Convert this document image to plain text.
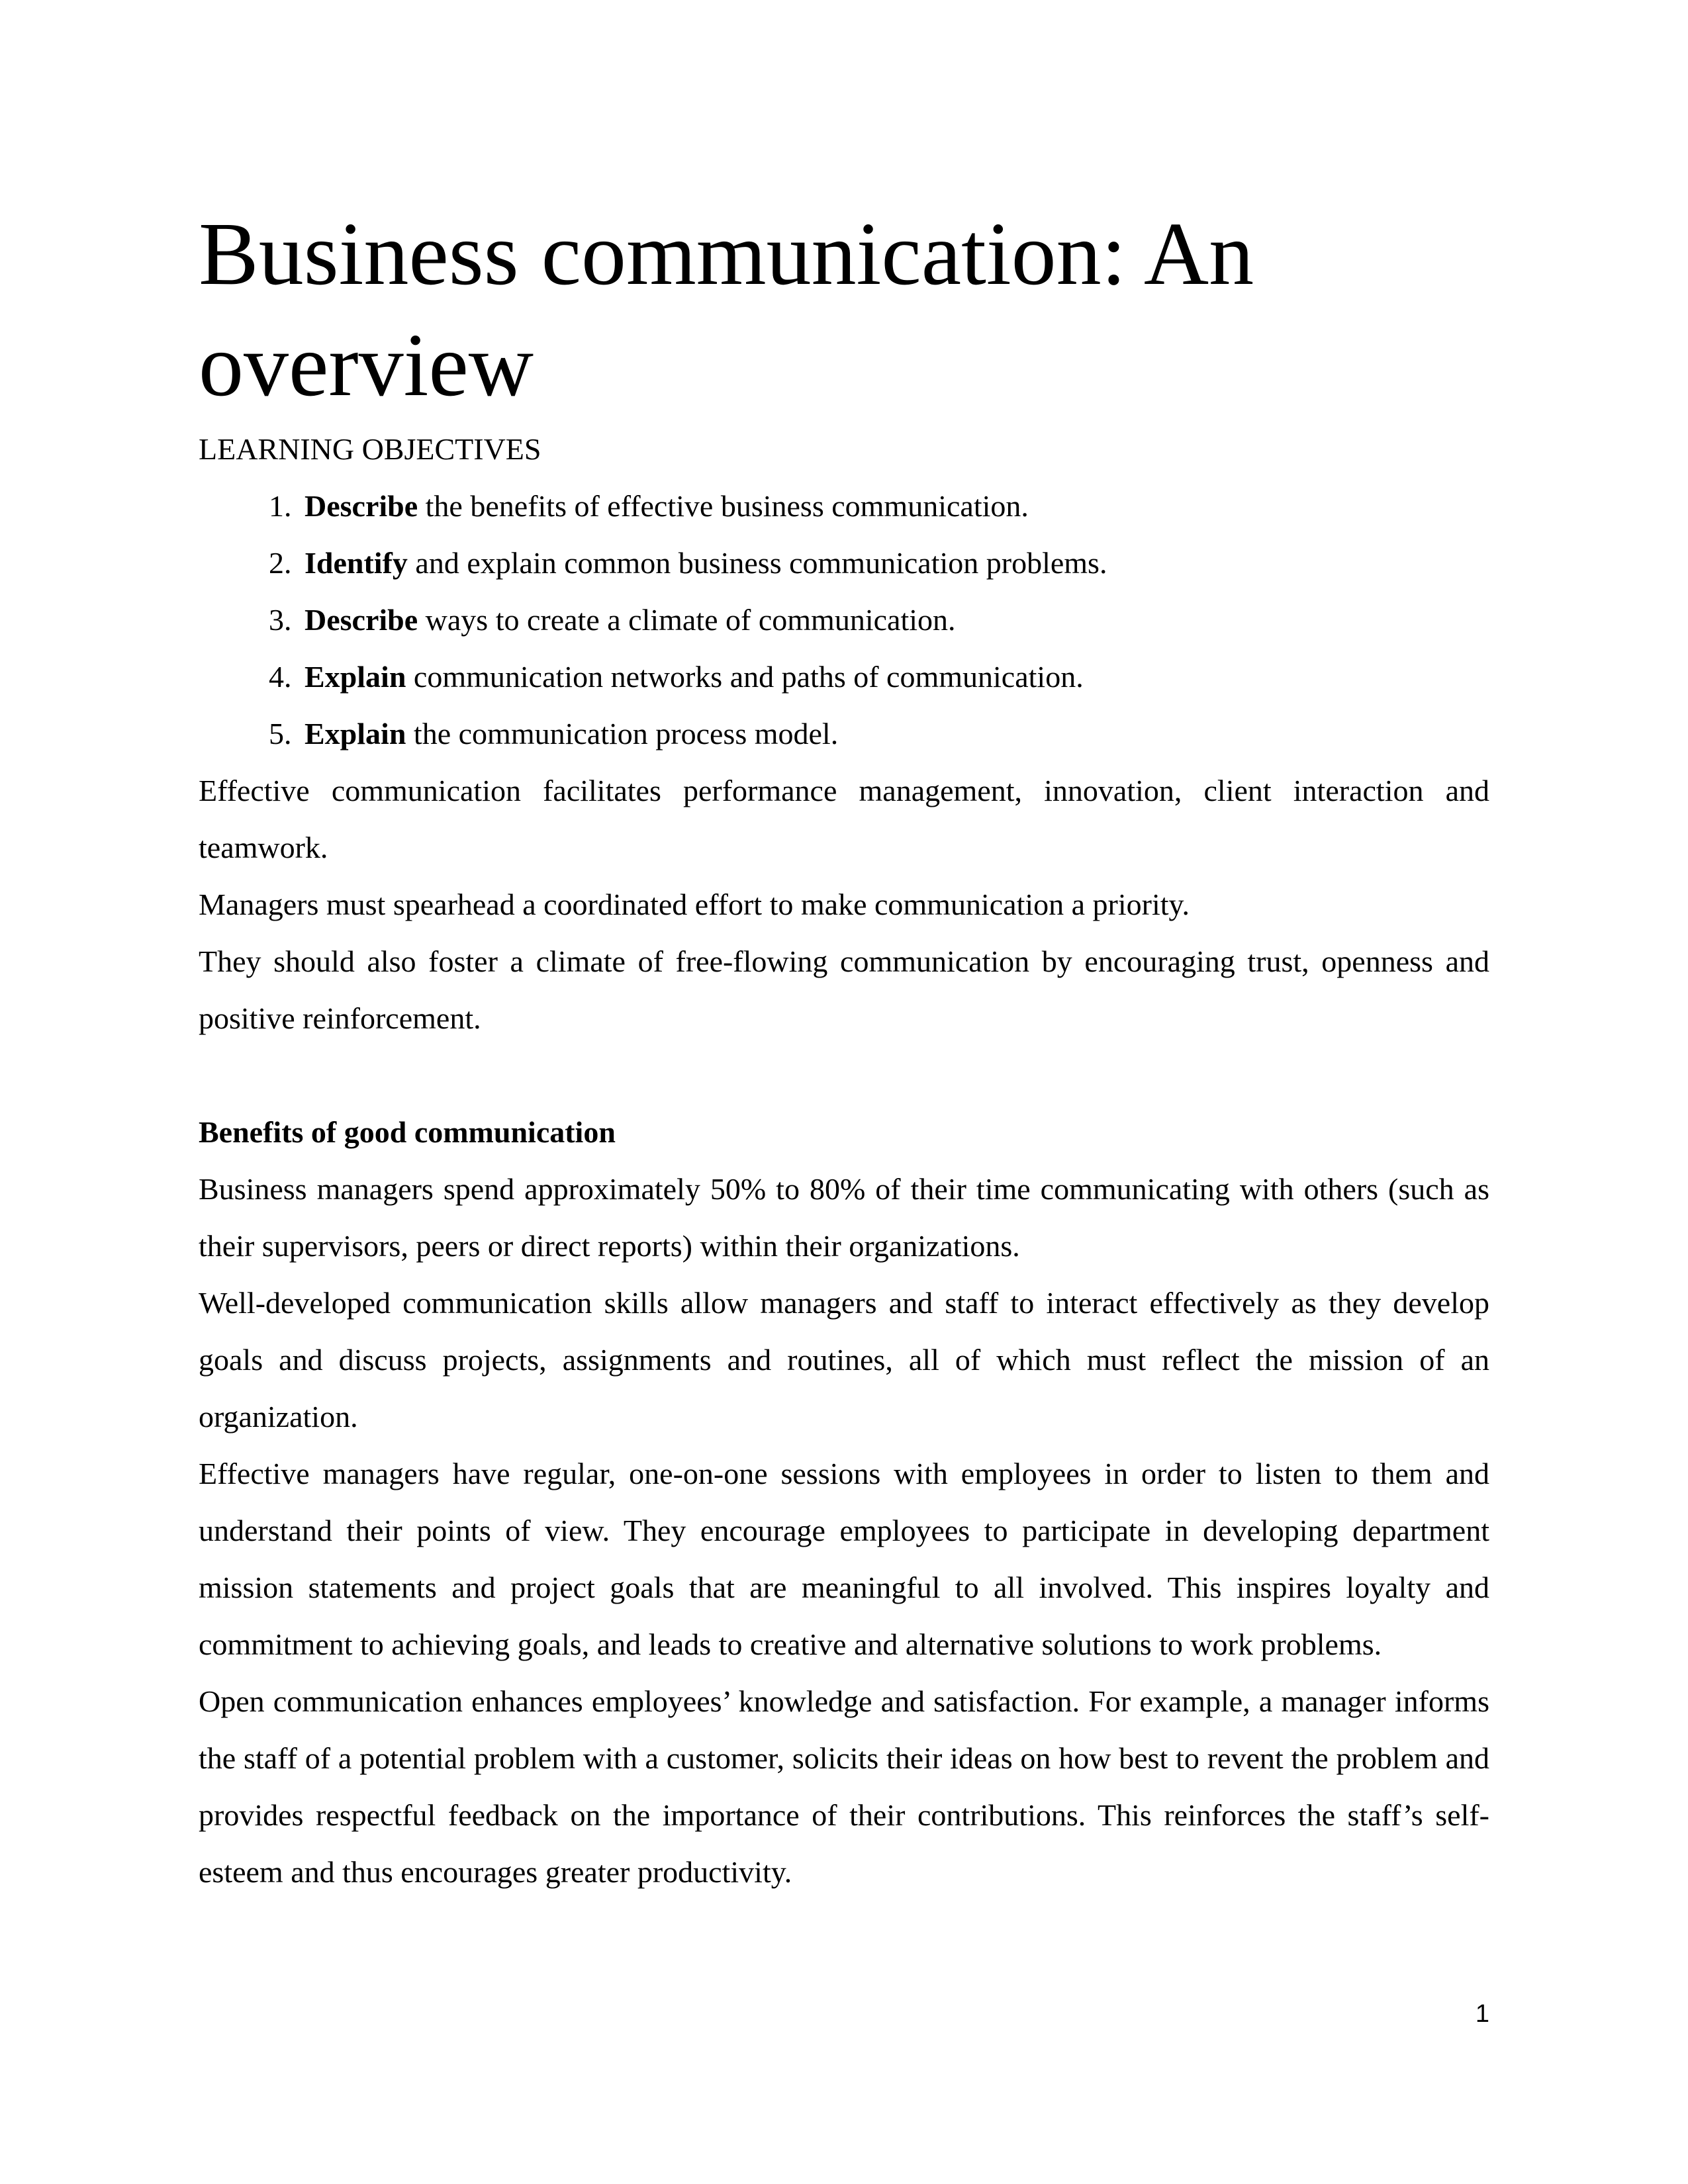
Business communication: An overview
LEARNING OBJECTIVES
1. Describe the benefits of effective business communication.
2. Identify and explain common business communication problems.
3. Describe ways to create a climate of communication.
4. Explain communication networks and paths of communication.
5. Explain the communication process model.

Effective communication facilitates performance management, innovation, client interaction and teamwork.

Managers must spearhead a coordinated effort to make communication a priority.

They should also foster a climate of free-flowing communication by encouraging trust, openness and positive reinforcement.

Benefits of good communication

Business managers spend approximately 50% to 80% of their time communicating with others (such as their supervisors, peers or direct reports) within their organizations.

Well-developed communication skills allow managers and staff to interact effectively as they develop goals and discuss projects, assignments and routines, all of which must reflect the mission of an organization.

Effective managers have regular, one-on-one sessions with employees in order to listen to them and understand their points of view. They encourage employees to participate in developing department mission statements and project goals that are meaningful to all involved. This inspires loyalty and commitment to achieving goals, and leads to creative and alternative solutions to work problems.

Open communication enhances employees’ knowledge and satisfaction. For example, a manager informs the staff of a potential problem with a customer, solicits their ideas on how best to revent the problem and provides respectful feedback on the importance of their contributions. This reinforces the staff’s self-esteem and thus encourages greater productivity.

1
